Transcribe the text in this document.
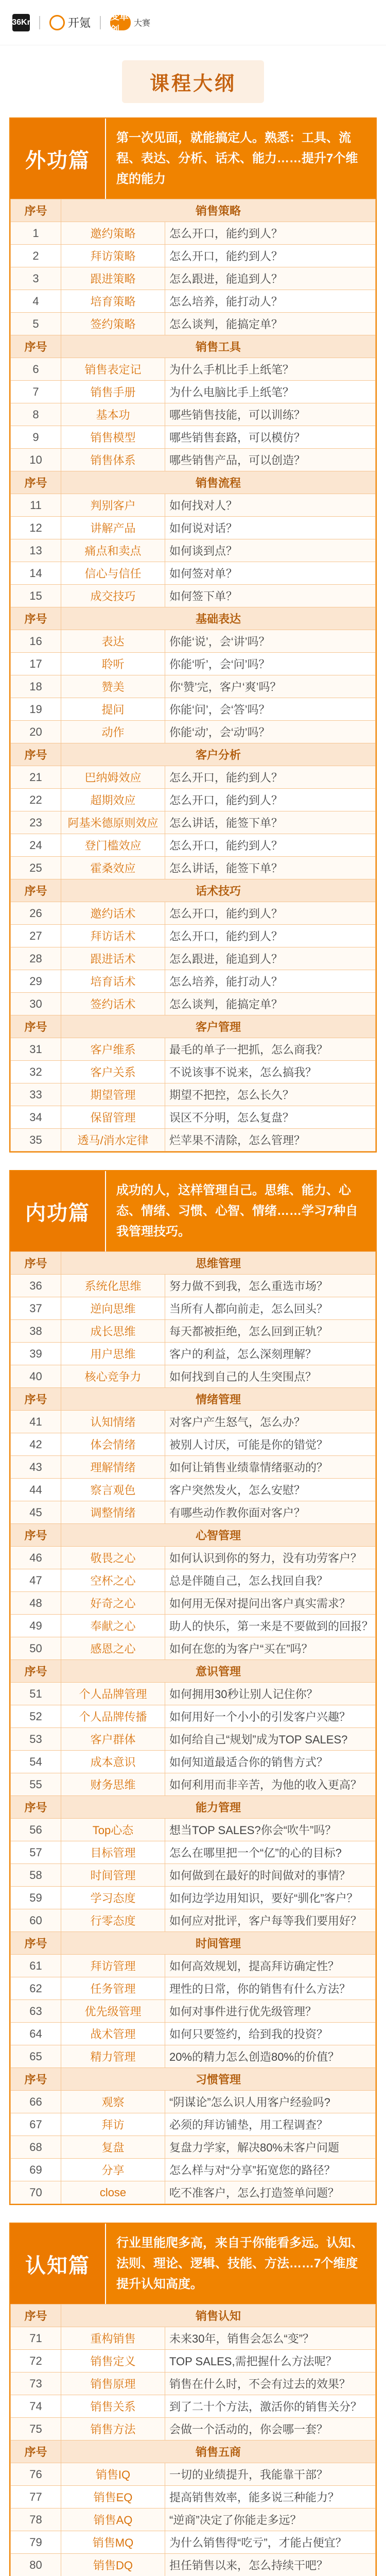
36Kr	开氪
变革创
大赛
课程大纲
外功篇
第一次见面，就能搞定人。熟悉：工具、流程、表达、分析、话术、能力……提升7个维度的能力
序号	销售策略	
1	邀约策略	怎么开口，能约到人？
2	拜访策略	怎么开口，能约到人？
3	跟进策略	怎么跟进，能追到人？
4	培育策略	怎么培养，能打动人？
5	签约策略	怎么谈判，能搞定单？
序号	销售工具	
6	销售表定记	为什么手机比手上纸笔？
7	销售手册	为什么电脑比手上纸笔？
8	基本功	哪些销售技能，可以训练？
9	销售模型	哪些销售套路，可以模仿？
10	销售体系	哪些销售产品，可以创造？
序号	销售流程	
11	判别客户	如何找对人？
12	讲解产品	如何说对话？
13	痛点和卖点	如何谈到点？
14	信心与信任	如何签对单？
15	成交技巧	如何签下单？
序号	基础表达	
16	表达	你能‘说’，会‘讲’吗？
17	聆听	你能‘听’，会‘问’吗？
18	赞美	你‘赞’完，客户‘爽’吗？
19	提问	你能‘问’，会‘答’吗？
20	动作	你能‘动’，会‘动’吗？
序号	客户分析	
21	巴纳姆效应	怎么开口，能约到人？
22	超期效应	怎么开口，能约到人？
23	阿基米德原则效应	怎么讲话，能签下单？
24	登门槛效应	怎么开口，能约到人？
25	霍桑效应	怎么讲话，能签下单？
序号	话术技巧	
26	邀约话术	怎么开口，能约到人？
27	拜访话术	怎么开口，能约到人？
28	跟进话术	怎么跟进，能追到人？
29	培育话术	怎么培养，能打动人？
30	签约话术	怎么谈判，能搞定单？
序号	客户管理	
31	客户维系	最毛的单子一把抓，怎么商我？
32	客户关系	不说该事不说来，怎么搞我？
33	期望管理	期望不把控，怎么长久？
34	保留管理	误区不分明，怎么复盘？
35	透马/消水定律	烂苹果不清除，怎么管理？
内功篇
成功的人，这样管理自己。思维、能力、心态、情绪、习惯、心智、情绪……学习7种自我管理技巧。
序号	思维管理	
36	系统化思维	努力做不到我，怎么重选市场？
37	逆向思维	当所有人都向前走，怎么回头？
38	成长思维	每天都被拒绝，怎么回到正轨？
39	用户思维	客户的利益，怎么深刻理解？
40	核心竞争力	如何找到自己的人生突围点？
序号	情绪管理	
41	认知情绪	对客户产生怒气，怎么办？
42	体会情绪	被别人讨厌，可能是你的错觉？
43	理解情绪	如何让销售业绩靠情绪驱动的？
44	察言观色	客户突然发火，怎么安慰？
45	调整情绪	有哪些动作教你面对客户？
序号	心智管理	
46	敬畏之心	如何认识到你的努力，没有功劳客户？
47	空杯之心	总是伴随自己，怎么找回自我？
48	好奇之心	如何用无保对提问出客户真实需求？
49	奉献之心	助人的快乐，第一来是不要做到的回报？
50	感恩之心	如何在您的为客户“买在”吗？
序号	意识管理	
51	个人品牌管理	如何拥用30秒让别人记住你？
52	个人品牌传播	如何用好一个小小的引发客户兴趣？
53	客户群体	如何给自己“规划”成为TOP SALES?
54	成本意识	如何知道最适合你的销售方式？
55	财务思维	如何利用而非辛苦，为他的收入更高？
序号	能力管理	
56	Top心态	想当TOP SALES?你会“吹牛”吗？
57	目标管理	怎么在哪里把一个“亿”的心的目标?
58	时间管理	如何做到在最好的时间做对的事情？
59	学习态度	如何边学边用知识，要好“驯化”客户？
60	行零态度	如何应对批评，客户每等我们要用好？
序号	时间管理	
61	拜访管理	如何高效规划，提高拜访确定性？
62	任务管理	理性的日常，你的销售有什么方法？
63	优先级管理	如何对事件进行优先级管理？
64	战术管理	如何只要签约，给到我的投资？
65	精力管理	20%的精力怎么创造80%的价值？
序号	习惯管理	
66	观察	“阴谋论”怎么识人用客户经验吗?
67	拜访	必须的拜访铺垫，用工程调查？
68	复盘	复盘力学家，解决80%未客户问题
69	分享	怎么样与对“分享”拓宽您的路径？
70	close	吃不准客户，怎么打造签单问题？
认知篇
行业里能爬多高，来自于你能看多远。认知、法则、理论、逻辑、技能、方法……7个维度提升认知高度。
序号	销售认知	
71	重构销售	未来30年，销售会怎么“变”？
72	销售定义	TOP SALES,需把握什么方法呢？
73	销售原理	销售在什么时，不会有过去的效果？
74	销售关系	到了二十个方法，激活你的销售关分？
75	销售方法	会做一个活动的，你会哪一套？
序号	销售五商	
76	销售IQ	一切的业绩提升，我能靠干部？
77	销售EQ	提高销售效率，能多说三种能力？
78	销售AQ	“逆商”决定了你能走多远？
79	销售MQ	为什么销售得“吃亏”，才能占便宜？
80	销售DQ	担任销售以来，怎么持续干吧？
